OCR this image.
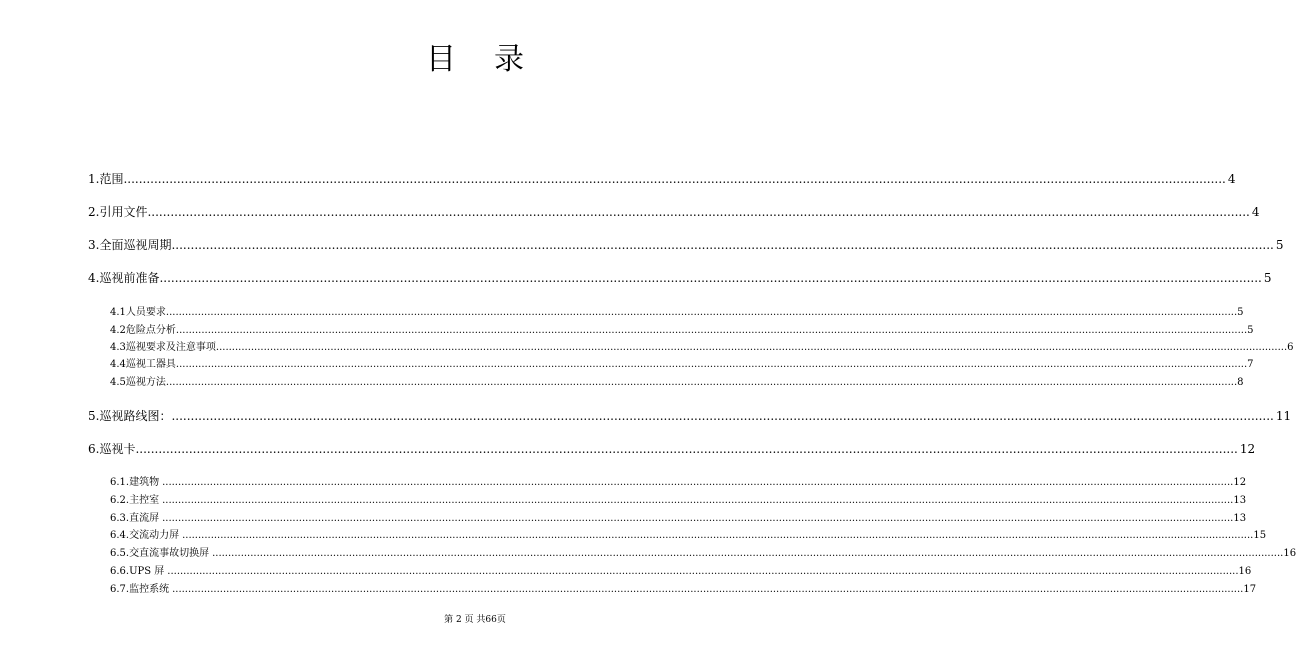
目 录
1. 范围 ................................................................................................................................................................................................................................................................................................. 4
2. 引用文件 ................................................................................................................................................................................................................................................................................................. 4
3. 全面巡视周期 ................................................................................................................................................................................................................................................................................................. 5
4. 巡视前准备 ................................................................................................................................................................................................................................................................................................. 5
4.1 人员要求 ................................................................................................................................................................................................................................................................................................................................................. 5
4.2 危险点分析 ................................................................................................................................................................................................................................................................................................................................................. 5
4.3 巡视要求及注意事项 ................................................................................................................................................................................................................................................................................................................................................. 6
4.4 巡视工器具 ................................................................................................................................................................................................................................................................................................................................................. 7
4.5 巡视方法 ................................................................................................................................................................................................................................................................................................................................................. 8
5. 巡视路线图： ................................................................................................................................................................................................................................................................................................. 11
6. 巡视卡 ................................................................................................................................................................................................................................................................................................. 12
6.1. 建筑物 ................................................................................................................................................................................................................................................................................................................................................. 12
6.2. 主控室 ................................................................................................................................................................................................................................................................................................................................................. 13
6.3. 直流屏 ................................................................................................................................................................................................................................................................................................................................................. 13
6.4. 交流动力屏 ................................................................................................................................................................................................................................................................................................................................................. 15
6.5. 交直流事故切换屏 ................................................................................................................................................................................................................................................................................................................................................. 16
6.6. UPS 屏 ................................................................................................................................................................................................................................................................................................................................................. 16
6.7. 监控系统 ................................................................................................................................................................................................................................................................................................................................................. 17
第 2 页 共66页
